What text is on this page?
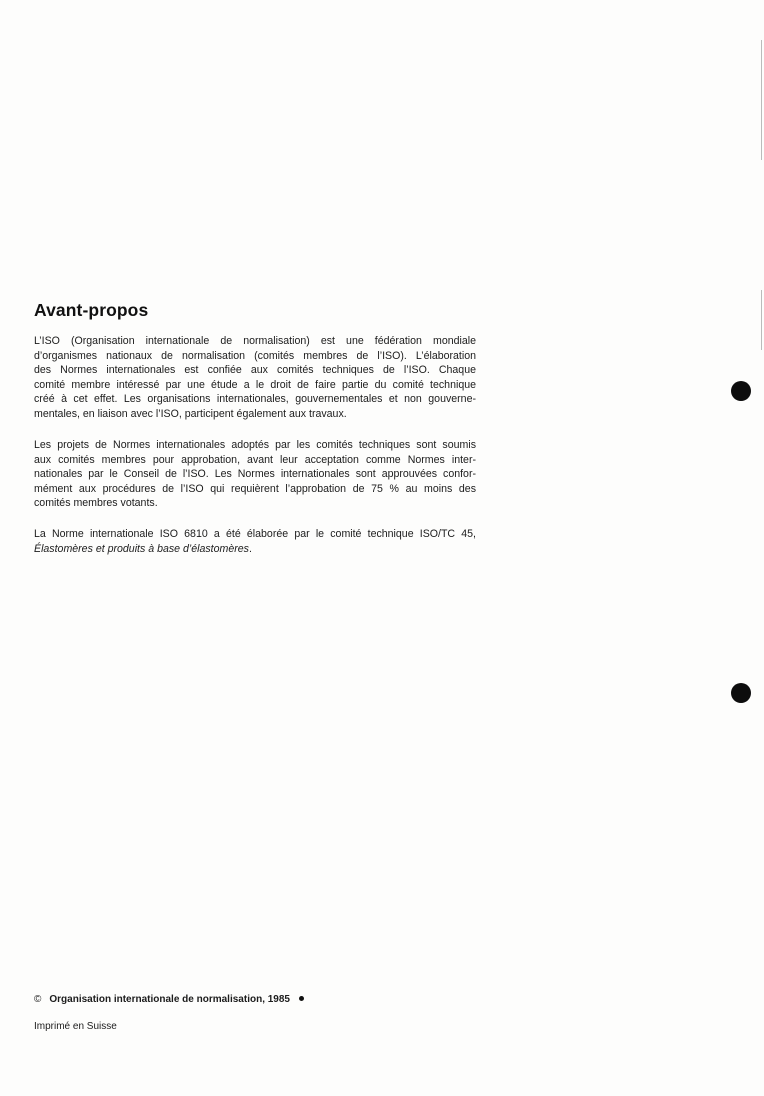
Avant-propos

L’ISO (Organisation internationale de normalisation) est une fédération mondiale
d’organismes nationaux de normalisation (comités membres de l’ISO). L’élaboration
des Normes internationales est confiée aux comités techniques de l’ISO. Chaque
comité membre intéressé par une étude a le droit de faire partie du comité technique
créé à cet effet. Les organisations internationales, gouvernementales et non gouverne-
mentales, en liaison avec l’ISO, participent également aux travaux.

Les projets de Normes internationales adoptés par les comités techniques sont soumis
aux comités membres pour approbation, avant leur acceptation comme Normes inter-
nationales par le Conseil de l’ISO. Les Normes internationales sont approuvées confor-
mément aux procédures de l’ISO qui requièrent l’approbation de 75 % au moins des
comités membres votants.

La Norme internationale ISO 6810 a été élaborée par le comité technique ISO/TC 45,
Élastomères et produits à base d’élastomères.

© Organisation internationale de normalisation, 1985
Imprimé en Suisse
